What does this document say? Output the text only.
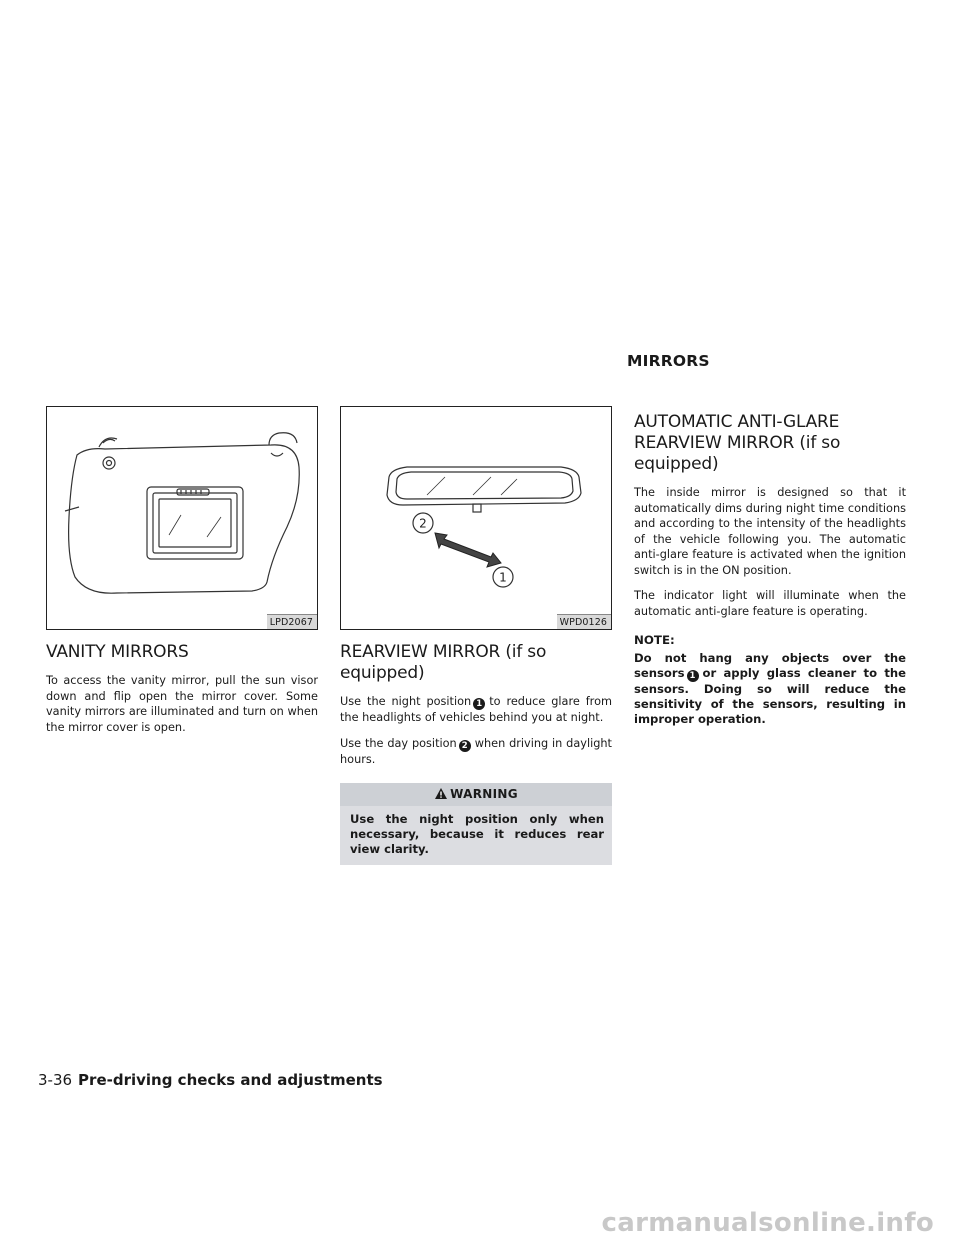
MIRRORS
LPD2067
VANITY MIRRORS

To access the vanity mirror, pull the sun visor down and flip open the mirror cover. Some vanity mirrors are illuminated and turn on when the mirror cover is open.

2
1
WPD0126
REARVIEW MIRROR (if so equipped)

Use the night position 1 to reduce glare from the headlights of vehicles behind you at night.

Use the day position 2 when driving in daylight hours.

WARNING
Use the night position only when necessary, because it reduces rear view clarity.
AUTOMATIC ANTI-GLARE REARVIEW MIRROR (if so equipped)

The inside mirror is designed so that it automatically dims during night time conditions and according to the intensity of the headlights of the vehicle following you. The automatic anti-glare feature is activated when the ignition switch is in the ON position.

The indicator light will illuminate when the automatic anti-glare feature is operating.

NOTE:

Do not hang any objects over the sensors 1 or apply glass cleaner to the sensors. Doing so will reduce the sensitivity of the sensors, resulting in improper operation.

3-36 Pre-driving checks and adjustments
carmanualsonline.info
